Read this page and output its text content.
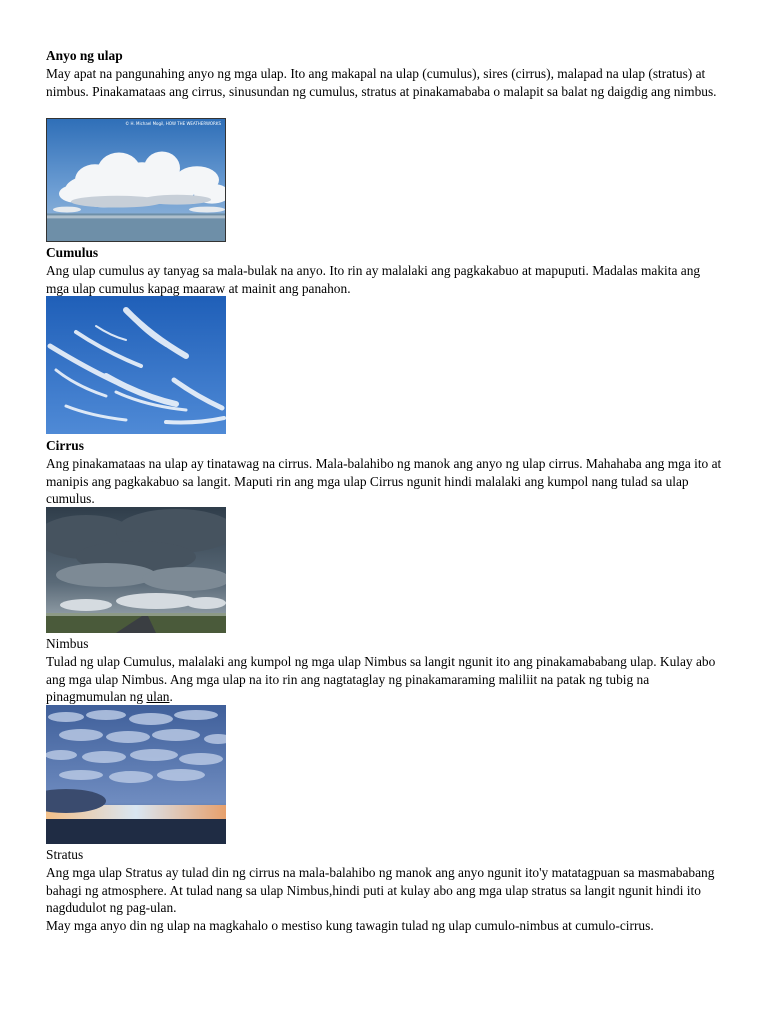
Anyo ng ulap

May apat na pangunahing anyo ng mga ulap. Ito ang makapal na ulap (cumulus), sires (cirrus), malapad na ulap (stratus) at nimbus. Pinakamataas ang cirrus, sinusundan ng cumulus, stratus at pinakamababa o malapit sa balat ng daigdig ang nimbus.

© H. Michael Mogil, HOW THE WEATHERWORKS
Cumulus

Ang ulap cumulus ay tanyag sa mala-bulak na anyo. Ito rin ay malalaki ang pagkakabuo at mapuputi. Madalas makita ang mga ulap cumulus kapag maaraw at mainit ang panahon.

Cirrus

Ang pinakamataas na ulap ay tinatawag na cirrus. Mala-balahibo ng manok ang anyo ng ulap cirrus. Mahahaba ang mga ito at manipis ang pagkakabuo sa langit. Maputi rin ang mga ulap Cirrus ngunit hindi malalaki ang kumpol nang tulad sa ulap cumulus.

Nimbus

Tulad ng ulap Cumulus, malalaki ang kumpol ng mga ulap Nimbus sa langit ngunit ito ang pinakamababang ulap. Kulay abo ang mga ulap Nimbus. Ang mga ulap na ito rin ang nagtataglay ng pinakamaraming maliliit na patak ng tubig na pinagmumulan ng ulan.

Stratus

Ang mga ulap Stratus ay tulad din ng cirrus na mala-balahibo ng manok ang anyo ngunit ito'y matatagpuan sa masmababang bahagi ng atmosphere. At tulad nang sa ulap Nimbus,hindi puti at kulay abo ang mga ulap stratus sa langit ngunit hindi ito nagdudulot ng pag-ulan.

May mga anyo din ng ulap na magkahalo o mestiso kung tawagin tulad ng ulap cumulo-nimbus at cumulo-cirrus.
